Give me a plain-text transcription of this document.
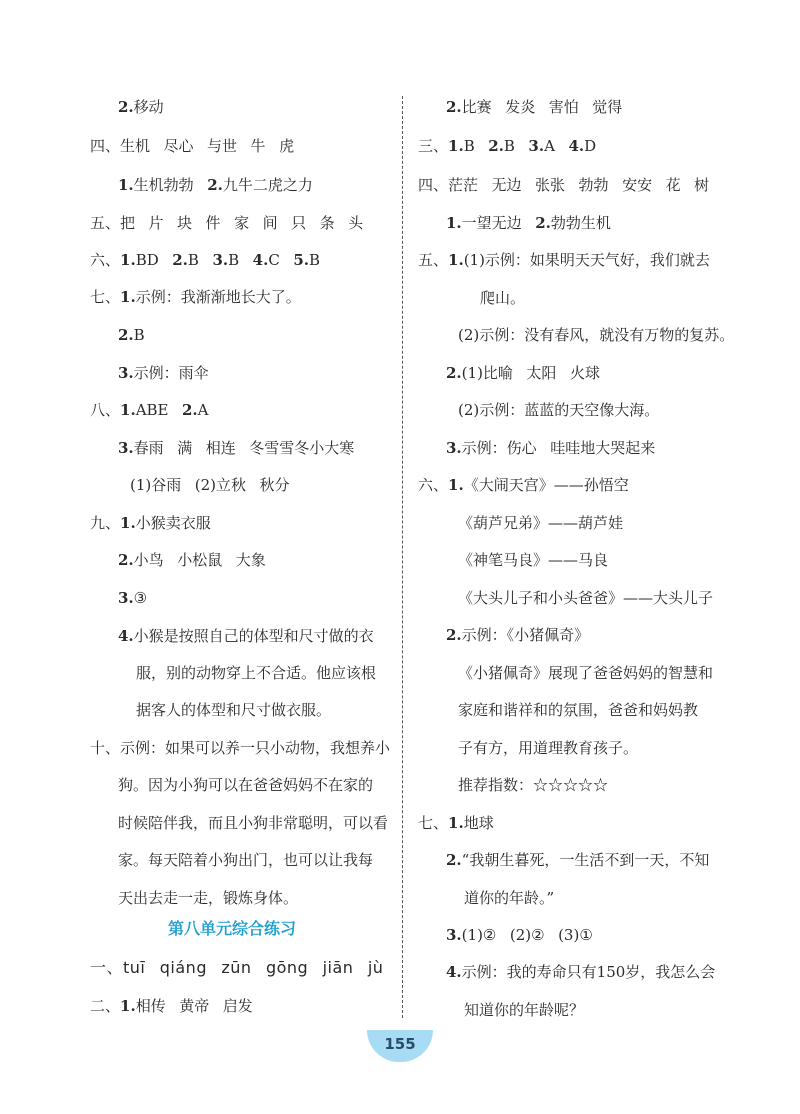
2.移动
四、生机 尽心 与世 牛 虎
1.生机勃勃 2.九牛二虎之力
五、把 片 块 件 家 间 只 条 头
六、1.BD 2.B 3.B 4.C 5.B
七、1.示例：我渐渐地长大了。
2.B
3.示例：雨伞
八、1.ABE 2.A
3.春雨 满 相连 冬雪雪冬小大寒
(1)谷雨 (2)立秋 秋分
九、1.小猴卖衣服
2.小鸟 小松鼠 大象
3.③
4.小猴是按照自己的体型和尺寸做的衣
服，别的动物穿上不合适。他应该根
据客人的体型和尺寸做衣服。
十、示例：如果可以养一只小动物，我想养小
狗。因为小狗可以在爸爸妈妈不在家的
时候陪伴我，而且小狗非常聪明，可以看
家。每天陪着小狗出门，也可以让我每
天出去走一走，锻炼身体。
一、tuī qiáng zūn gōng jiān jù
二、1.相传 黄帝 启发
2.比赛 发炎 害怕 觉得
三、1.B 2.B 3.A 4.D
四、茫茫 无边 张张 勃勃 安安 花 树
1.一望无边 2.勃勃生机
五、1.(1)示例：如果明天天气好，我们就去
爬山。
(2)示例：没有春风，就没有万物的复苏。
2.(1)比喻 太阳 火球
(2)示例：蓝蓝的天空像大海。
3.示例：伤心 哇哇地大哭起来
六、1.《大闹天宫》——孙悟空
《葫芦兄弟》——葫芦娃
《神笔马良》——马良
《大头儿子和小头爸爸》——大头儿子
2.示例：《小猪佩奇》
《小猪佩奇》展现了爸爸妈妈的智慧和
家庭和谐祥和的氛围，爸爸和妈妈教
子有方，用道理教育孩子。
推荐指数：☆☆☆☆☆
七、1.地球
2.“我朝生暮死，一生活不到一天，不知
道你的年龄。”
3.(1)② (2)② (3)①
4.示例：我的寿命只有150岁，我怎么会
知道你的年龄呢？
第八单元综合练习
155
